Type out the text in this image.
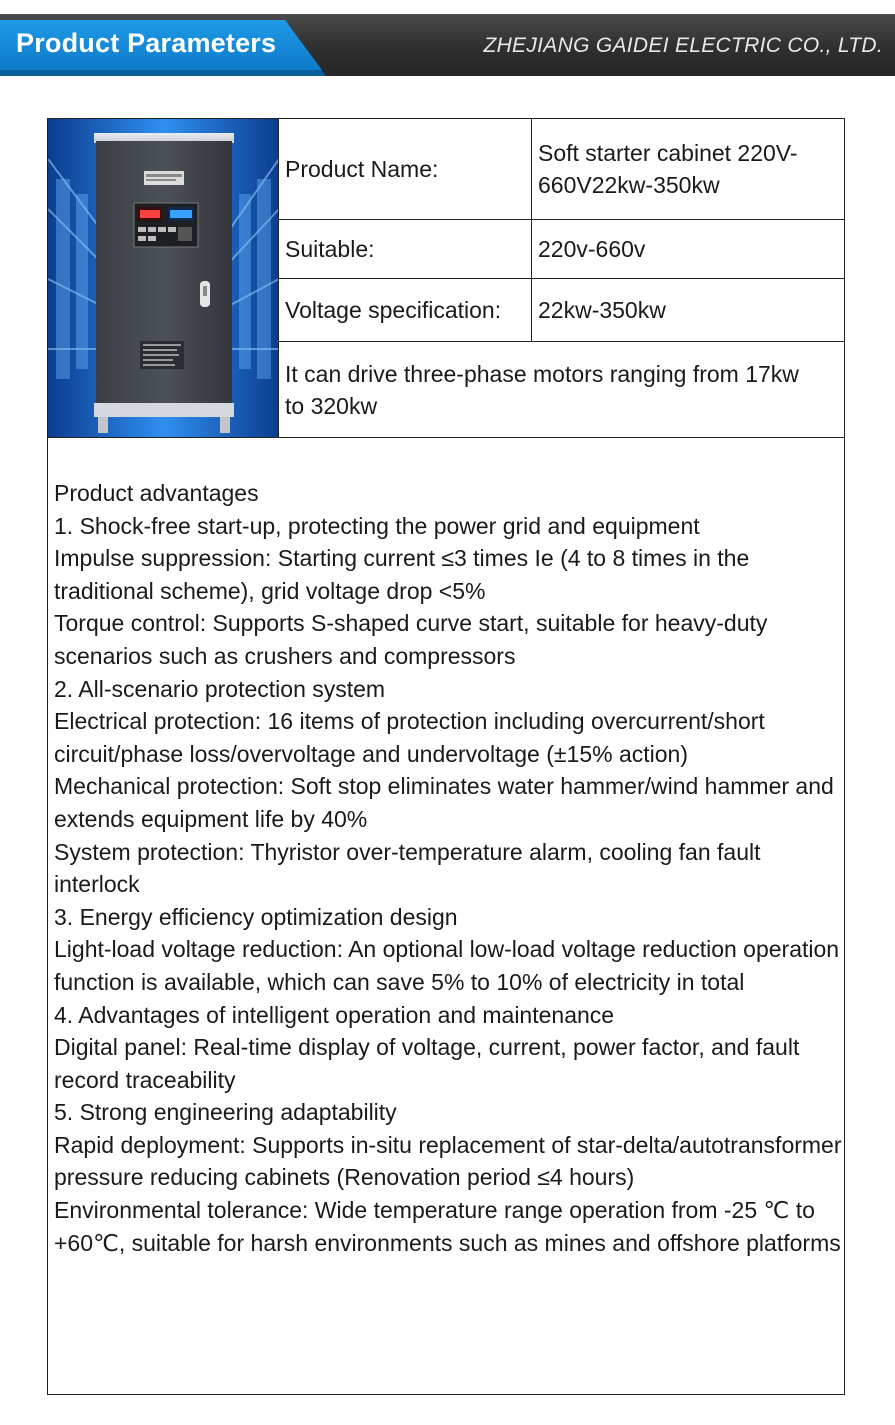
Product Parameters	ZHEJIANG GAIDEI ELECTRIC CO., LTD.
Product Name:
Soft starter cabinet 220V-660V22kw-350kw
Suitable:	220v-660v
Voltage specification:	22kw-350kw
It can drive three-phase motors ranging from 17kw to 320kw
Product advantages
1. Shock-free start-up, protecting the power grid and equipment
Impulse suppression: Starting current ≤3 times Ie (4 to 8 times in the traditional scheme), grid voltage drop <5%
Torque control: Supports S-shaped curve start, suitable for heavy-duty scenarios such as crushers and compressors
2. All-scenario protection system
Electrical protection: 16 items of protection including overcurrent/short circuit/phase loss/overvoltage and undervoltage (±15% action)
Mechanical protection: Soft stop eliminates water hammer/wind hammer and extends equipment life by 40%
System protection: Thyristor over-temperature alarm, cooling fan fault interlock
3. Energy efficiency optimization design
Light-load voltage reduction: An optional low-load voltage reduction operation function is available, which can save 5% to 10% of electricity in total
4. Advantages of intelligent operation and maintenance
Digital panel: Real-time display of voltage, current, power factor, and fault record traceability
5. Strong engineering adaptability
Rapid deployment: Supports in-situ replacement of star-delta/autotransformer pressure reducing cabinets (Renovation period ≤4 hours)
Environmental tolerance: Wide temperature range operation from -25 ℃ to +60℃, suitable for harsh environments such as mines and offshore platforms
